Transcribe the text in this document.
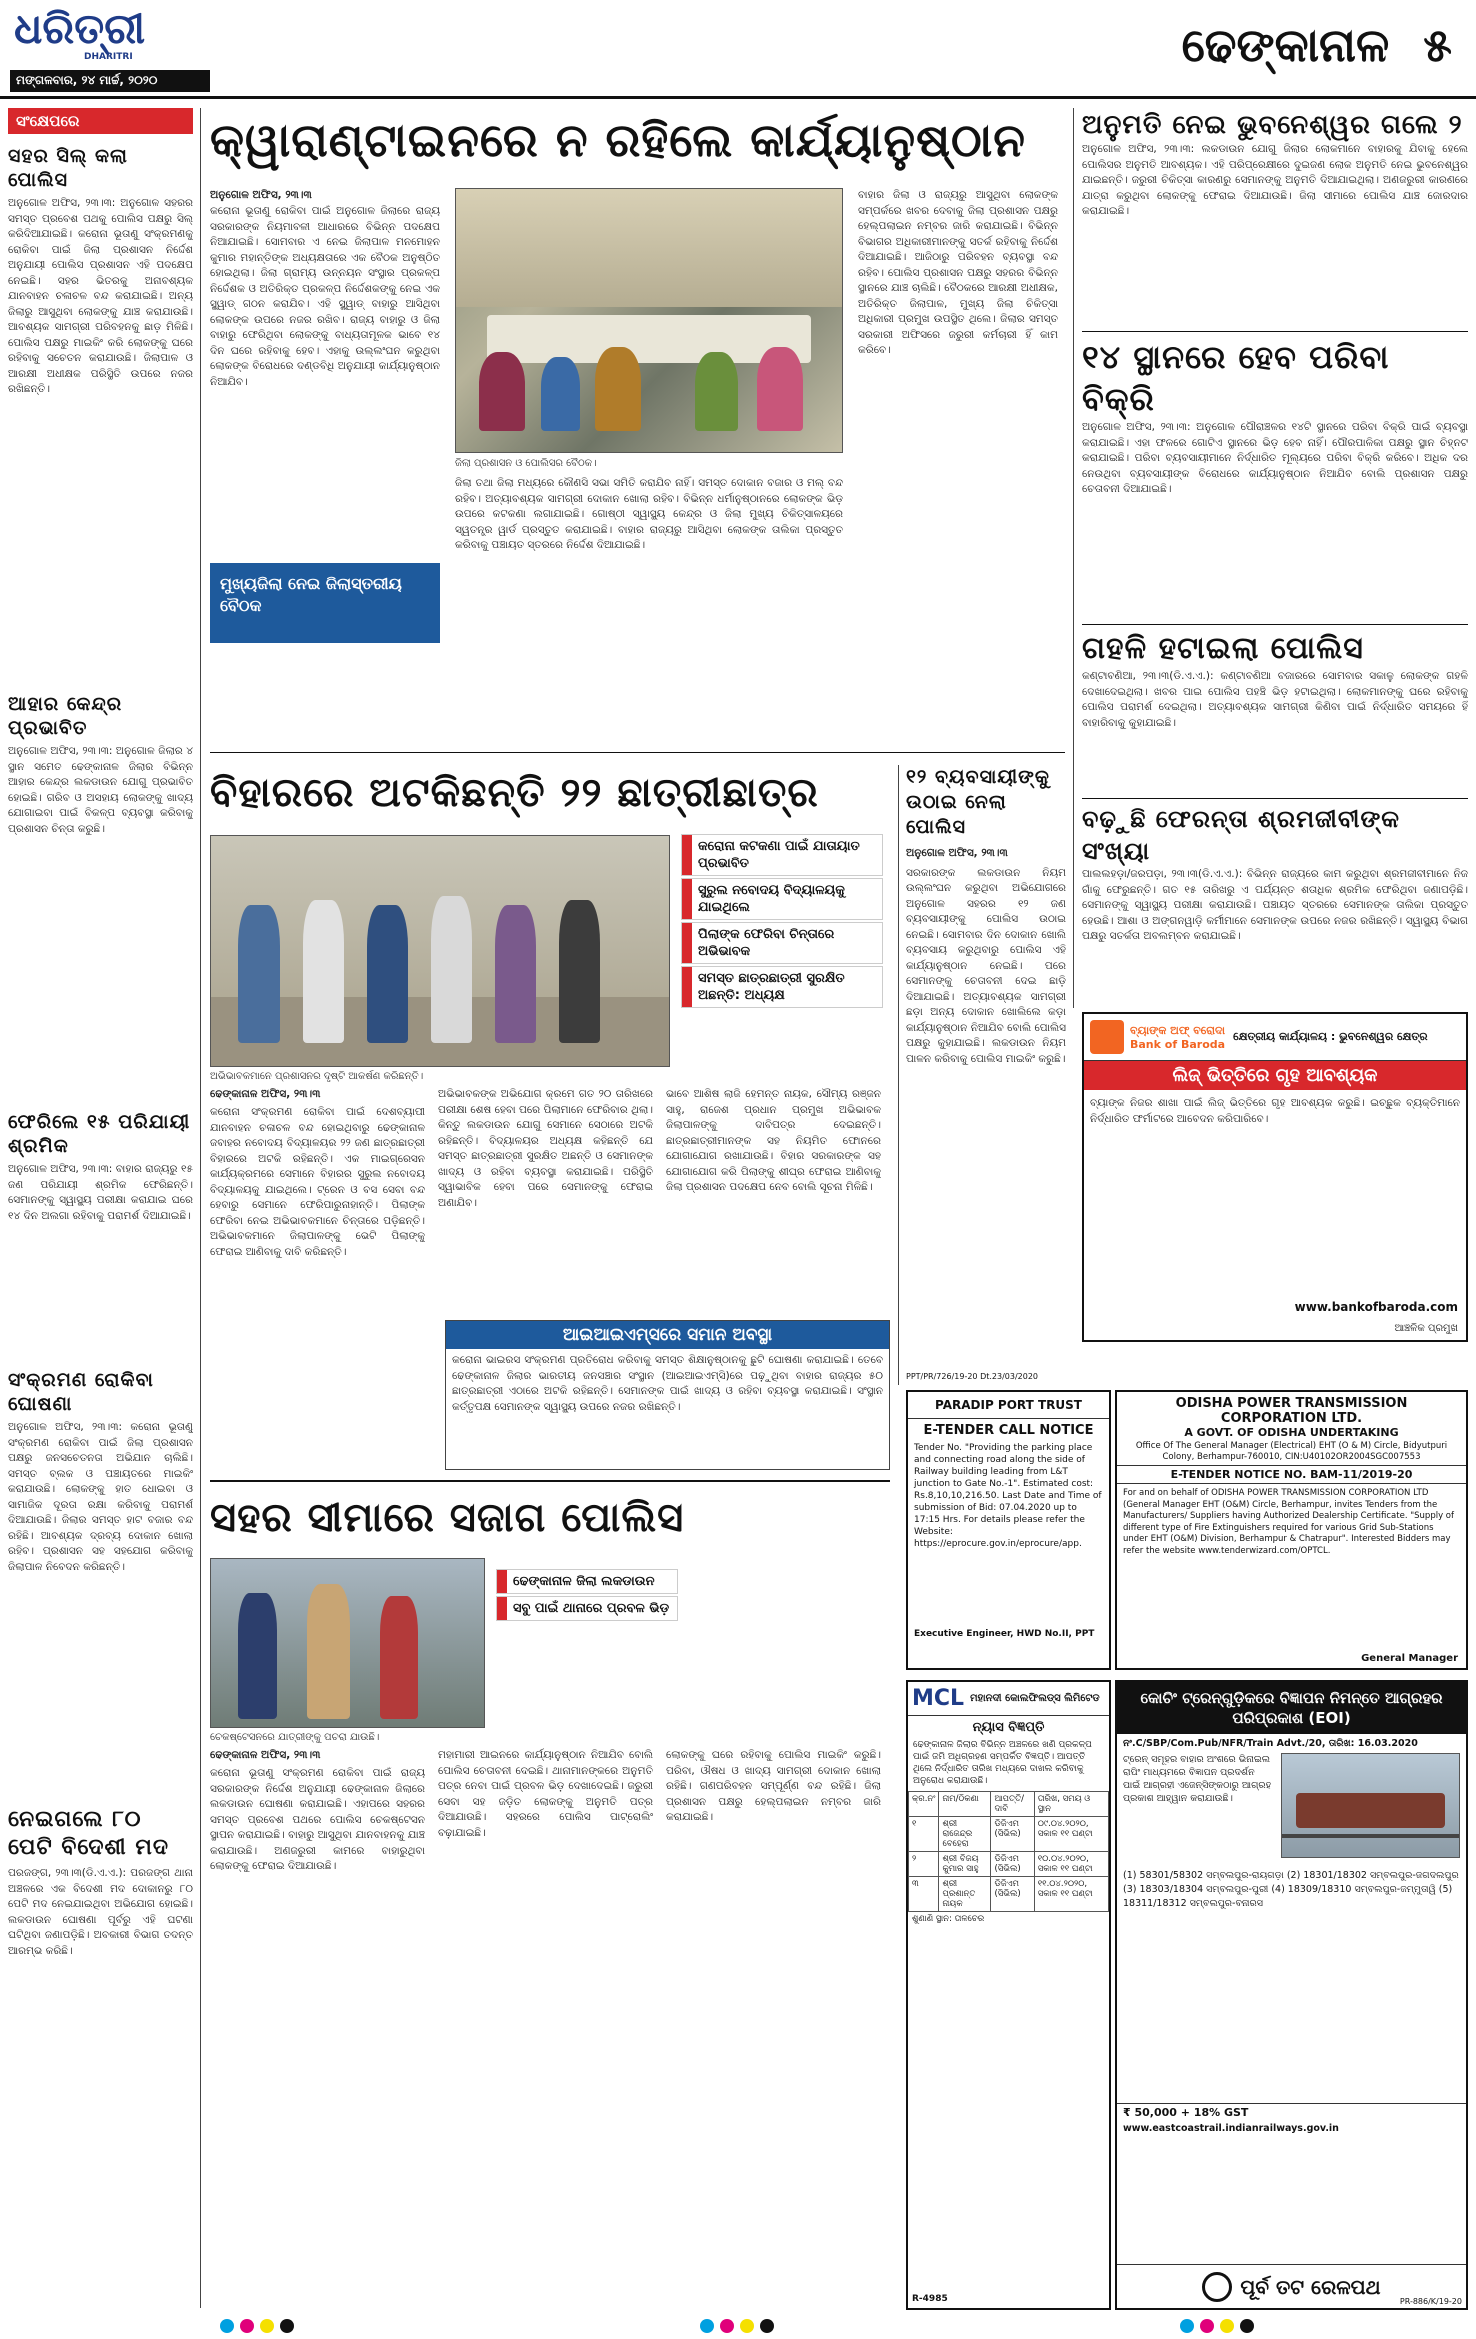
ଧରିତ୍ରୀ
DHARITRI
ମଙ୍ଗଳବାର, ୨୪ ମାର୍ଚ୍ଚ, ୨୦୨୦
ଢେଙ୍କାନାଳ ୫
ସଂକ୍ଷେପରେ
ସହର ସିଲ୍ କଲା ପୋଲିସ
ଅନୁଗୋଳ ଅଫିସ, ୨୩।୩: ଅନୁଗୋଳ ସହରର ସମସ୍ତ ପ୍ରବେଶ ପଥକୁ ପୋଲିସ ପକ୍ଷରୁ ସିଲ୍ କରିଦିଆଯାଇଛି। କରୋନା ଭୂତାଣୁ ସଂକ୍ରମଣକୁ ରୋକିବା ପାଇଁ ଜିଲା ପ୍ରଶାସନ ନିର୍ଦ୍ଦେଶ ଅନୁଯାୟୀ ପୋଲିସ ପ୍ରଶାସନ ଏହି ପଦକ୍ଷେପ ନେଇଛି। ସହର ଭିତରକୁ ଅନାବଶ୍ୟକ ଯାନବାହନ ଚଳାଚଳ ବନ୍ଦ କରାଯାଇଛି। ଅନ୍ୟ ଜିଲାରୁ ଆସୁଥିବା ଲୋକଙ୍କୁ ଯାଞ୍ଚ କରାଯାଉଛି। ଆବଶ୍ୟକ ସାମଗ୍ରୀ ପରିବହନକୁ ଛାଡ଼ ମିଳିଛି। ପୋଲିସ ପକ୍ଷରୁ ମାଇକିଂ କରି ଲୋକଙ୍କୁ ଘରେ ରହିବାକୁ ସଚେତନ କରାଯାଉଛି। ଜିଲାପାଳ ଓ ଆରକ୍ଷୀ ଅଧୀକ୍ଷକ ପରିସ୍ଥିତି ଉପରେ ନଜର ରଖିଛନ୍ତି।
ଆହାର କେନ୍ଦ୍ର ପ୍ରଭାବିତ
ଅନୁଗୋଳ ଅଫିସ, ୨୩।୩: ଅନୁଗୋଳ ଜିଲାର ୪ ସ୍ଥାନ ସମେତ ଢେଙ୍କାନାଳ ଜିଲାର ବିଭିନ୍ନ ଆହାର କେନ୍ଦ୍ର ଲକଡାଉନ ଯୋଗୁ ପ୍ରଭାବିତ ହୋଇଛି। ଗରିବ ଓ ଅସହାୟ ଲୋକଙ୍କୁ ଖାଦ୍ୟ ଯୋଗାଇବା ପାଇଁ ବିକଳ୍ପ ବ୍ୟବସ୍ଥା କରିବାକୁ ପ୍ରଶାସନ ଚିନ୍ତା କରୁଛି।
ଫେରିଲେ ୧୫ ପରିଯାୟୀ ଶ୍ରମିକ
ଅନୁଗୋଳ ଅଫିସ, ୨୩।୩: ବାହାର ରାଜ୍ୟରୁ ୧୫ ଜଣ ପରିଯାୟୀ ଶ୍ରମିକ ଫେରିଛନ୍ତି। ସେମାନଙ୍କୁ ସ୍ୱାସ୍ଥ୍ୟ ପରୀକ୍ଷା କରାଯାଇ ଘରେ ୧୪ ଦିନ ଅଲଗା ରହିବାକୁ ପରାମର୍ଶ ଦିଆଯାଇଛି।
ସଂକ୍ରମଣ ରୋକିବା ଘୋଷଣା
ଅନୁଗୋଳ ଅଫିସ, ୨୩।୩: କରୋନା ଭୂତାଣୁ ସଂକ୍ରମଣ ରୋକିବା ପାଇଁ ଜିଲା ପ୍ରଶାସନ ପକ୍ଷରୁ ଜନସଚେତନତା ଅଭିଯାନ ଚାଲିଛି। ସମସ୍ତ ବ୍ଲକ ଓ ପଞ୍ଚାୟତରେ ମାଇକିଂ କରାଯାଉଛି। ଲୋକଙ୍କୁ ହାତ ଧୋଇବା ଓ ସାମାଜିକ ଦୂରତା ରକ୍ଷା କରିବାକୁ ପରାମର୍ଶ ଦିଆଯାଉଛି। ଜିଲାର ସମସ୍ତ ହାଟ ବଜାର ବନ୍ଦ ରହିଛି। ଆବଶ୍ୟକ ଦ୍ରବ୍ୟ ଦୋକାନ ଖୋଲା ରହିବ। ପ୍ରଶାସନ ସହ ସହଯୋଗ କରିବାକୁ ଜିଲାପାଳ ନିବେଦନ କରିଛନ୍ତି।
ନେଇଗଲେ ୮୦ ପେଟି ବିଦେଶୀ ମଦ
ପରଜଙ୍ଗ, ୨୩।୩(ଡି.ଏ.ଏ.): ପରଜଙ୍ଗ ଥାନା ଅଞ୍ଚଳରେ ଏକ ବିଦେଶୀ ମଦ ଦୋକାନରୁ ୮୦ ପେଟି ମଦ ନେଇଯାଇଥିବା ଅଭିଯୋଗ ହୋଇଛି। ଲକଡାଉନ ଘୋଷଣା ପୂର୍ବରୁ ଏହି ଘଟଣା ଘଟିଥିବା ଜଣାପଡ଼ିଛି। ଅବକାରୀ ବିଭାଗ ତଦନ୍ତ ଆରମ୍ଭ କରିଛି।
କ୍ୱାରାଣ୍ଟାଇନରେ ନ ରହିଲେ କାର୍ଯ୍ୟାନୁଷ୍ଠାନ
ଅନୁଗୋଳ ଅଫିସ, ୨୩।୩
କରୋନା ଭୂତାଣୁ ରୋକିବା ପାଇଁ ଅନୁଗୋଳ ଜିଲାରେ ରାଜ୍ୟ ସରକାରଙ୍କ ନିୟମାବଳୀ ଆଧାରରେ ବିଭିନ୍ନ ପଦକ୍ଷେପ ନିଆଯାଇଛି। ସୋମବାର ଏ ନେଇ ଜିଲାପାଳ ମନମୋହନ କୁମାର ମହାନ୍ତିଙ୍କ ଅଧ୍ୟକ୍ଷତାରେ ଏକ ବୈଠକ ଅନୁଷ୍ଠିତ ହୋଇଥିଲା। ଜିଲା ଗ୍ରାମ୍ୟ ଉନ୍ନୟନ ସଂସ୍ଥାର ପ୍ରକଳ୍ପ ନିର୍ଦ୍ଦେଶକ ଓ ଅତିରିକ୍ତ ପ୍ରକଳ୍ପ ନିର୍ଦ୍ଦେଶକଙ୍କୁ ନେଇ ଏକ ସ୍କ୍ୱାଡ୍ ଗଠନ କରାଯିବ। ଏହି ସ୍କ୍ୱାଡ୍ ବାହାରୁ ଆସିଥିବା ଲୋକଙ୍କ ଉପରେ ନଜର ରଖିବ। ରାଜ୍ୟ ବାହାରୁ ଓ ଜିଲା ବାହାରୁ ଫେରିଥିବା ଲୋକଙ୍କୁ ବାଧ୍ୟତାମୂଳକ ଭାବେ ୧୪ ଦିନ ଘରେ ରହିବାକୁ ହେବ। ଏହାକୁ ଉଲ୍ଲଂଘନ କରୁଥିବା ଲୋକଙ୍କ ବିରୋଧରେ ଦଣ୍ଡବିଧି ଅନୁଯାୟୀ କାର୍ଯ୍ୟାନୁଷ୍ଠାନ ନିଆଯିବ।
ମୁଖ୍ୟଜିଲା ନେଇ ଜିଲାସ୍ତରୀୟ ବୈଠକ
ଜିଲା ପ୍ରଶାସନ ଓ ପୋଲିସର ବୈଠକ।
ଜିଲା ତଥା ଜିଲା ମଧ୍ୟରେ କୌଣସି ସଭା ସମିତି କରାଯିବ ନାହିଁ। ସମସ୍ତ ଦୋକାନ ବଜାର ଓ ମଲ୍ ବନ୍ଦ ରହିବ। ଅତ୍ୟାବଶ୍ୟକ ସାମଗ୍ରୀ ଦୋକାନ ଖୋଲା ରହିବ। ବିଭିନ୍ନ ଧର୍ମାନୁଷ୍ଠାନରେ ଲୋକଙ୍କ ଭିଡ଼ ଉପରେ କଟକଣା ଲଗାଯାଇଛି। ଗୋଷ୍ଠୀ ସ୍ୱାସ୍ଥ୍ୟ କେନ୍ଦ୍ର ଓ ଜିଲା ମୁଖ୍ୟ ଚିକିତ୍ସାଳୟରେ ସ୍ୱତନ୍ତ୍ର ୱାର୍ଡ ପ୍ରସ୍ତୁତ କରାଯାଇଛି। ବାହାର ରାଜ୍ୟରୁ ଆସିଥିବା ଲୋକଙ୍କ ତାଲିକା ପ୍ରସ୍ତୁତ କରିବାକୁ ପଞ୍ଚାୟତ ସ୍ତରରେ ନିର୍ଦ୍ଦେଶ ଦିଆଯାଇଛି।
ବାହାର ଜିଲା ଓ ରାଜ୍ୟରୁ ଆସୁଥିବା ଲୋକଙ୍କ ସମ୍ପର୍କରେ ଖବର ଦେବାକୁ ଜିଲା ପ୍ରଶାସନ ପକ୍ଷରୁ ହେଲ୍ପଲାଇନ ନମ୍ବର ଜାରି କରାଯାଇଛି। ବିଭିନ୍ନ ବିଭାଗର ଅଧିକାରୀମାନଙ୍କୁ ସତର୍କ ରହିବାକୁ ନିର୍ଦ୍ଦେଶ ଦିଆଯାଇଛି। ଆଜିଠାରୁ ପରିବହନ ବ୍ୟବସ୍ଥା ବନ୍ଦ ରହିବ। ପୋଲିସ ପ୍ରଶାସନ ପକ୍ଷରୁ ସହରର ବିଭିନ୍ନ ସ୍ଥାନରେ ଯାଞ୍ଚ ଚାଲିଛି। ବୈଠକରେ ଆରକ୍ଷୀ ଅଧୀକ୍ଷକ, ଅତିରିକ୍ତ ଜିଲାପାଳ, ମୁଖ୍ୟ ଜିଲା ଚିକିତ୍ସା ଅଧିକାରୀ ପ୍ରମୁଖ ଉପସ୍ଥିତ ଥିଲେ। ଜିଲାର ସମସ୍ତ ସରକାରୀ ଅଫିସରେ ଜରୁରୀ କର୍ମଚାରୀ ହିଁ କାମ କରିବେ।
ଅନୁମତି ନେଇ ଭୁବନେଶ୍ୱର ଗଲେ ୨
ଅନୁଗୋଳ ଅଫିସ, ୨୩।୩: ଲକଡାଉନ ଯୋଗୁ ଜିଲାର ଲୋକମାନେ ବାହାରକୁ ଯିବାକୁ ହେଲେ ପୋଲିସର ଅନୁମତି ଆବଶ୍ୟକ। ଏହି ପରିପ୍ରେକ୍ଷୀରେ ଦୁଇଜଣ ଲୋକ ଅନୁମତି ନେଇ ଭୁବନେଶ୍ୱର ଯାଇଛନ୍ତି। ଜରୁରୀ ଚିକିତ୍ସା କାରଣରୁ ସେମାନଙ୍କୁ ଅନୁମତି ଦିଆଯାଇଥିଲା। ଅଣଜରୁରୀ କାରଣରେ ଯାତ୍ରା କରୁଥିବା ଲୋକଙ୍କୁ ଫେରାଇ ଦିଆଯାଉଛି। ଜିଲା ସୀମାରେ ପୋଲିସ ଯାଞ୍ଚ ଜୋରଦାର କରାଯାଇଛି।
୧୪ ସ୍ଥାନରେ ହେବ ପରିବା ବିକ୍ରି
ଅନୁଗୋଳ ଅଫିସ, ୨୩।୩: ଅନୁଗୋଳ ପୌରାଞ୍ଚଳର ୧୪ଟି ସ୍ଥାନରେ ପରିବା ବିକ୍ରି ପାଇଁ ବ୍ୟବସ୍ଥା କରାଯାଇଛି। ଏହା ଫଳରେ ଗୋଟିଏ ସ୍ଥାନରେ ଭିଡ଼ ହେବ ନାହିଁ। ପୌରପାଳିକା ପକ୍ଷରୁ ସ୍ଥାନ ଚିହ୍ନଟ କରାଯାଇଛି। ପରିବା ବ୍ୟବସାୟୀମାନେ ନିର୍ଦ୍ଧାରିତ ମୂଲ୍ୟରେ ପରିବା ବିକ୍ରି କରିବେ। ଅଧିକ ଦର ନେଉଥିବା ବ୍ୟବସାୟୀଙ୍କ ବିରୋଧରେ କାର୍ଯ୍ୟାନୁଷ୍ଠାନ ନିଆଯିବ ବୋଲି ପ୍ରଶାସନ ପକ୍ଷରୁ ଚେତାବନୀ ଦିଆଯାଇଛି।
ଗହଳି ହଟାଇଲା ପୋଲିସ
କଣ୍ଟାବଣିଆ, ୨୩।୩(ଡି.ଏ.ଏ.): କଣ୍ଟାବଣିଆ ବଜାରରେ ସୋମବାର ସକାଳୁ ଲୋକଙ୍କ ଗହଳି ଦେଖାଦେଇଥିଲା। ଖବର ପାଇ ପୋଲିସ ପହଞ୍ଚି ଭିଡ଼ ହଟାଇଥିଲା। ଲୋକମାନଙ୍କୁ ଘରେ ରହିବାକୁ ପୋଲିସ ପରାମର୍ଶ ଦେଇଥିଲା। ଅତ୍ୟାବଶ୍ୟକ ସାମଗ୍ରୀ କିଣିବା ପାଇଁ ନିର୍ଦ୍ଧାରିତ ସମୟରେ ହିଁ ବାହାରିବାକୁ କୁହାଯାଇଛି।
ବଢ଼ୁଛି ଫେରନ୍ତା ଶ୍ରମଜୀବୀଙ୍କ ସଂଖ୍ୟା
ପାଲଲହଡ଼ା/ଜରପଡ଼ା, ୨୩।୩(ଡି.ଏ.ଏ.): ବିଭିନ୍ନ ରାଜ୍ୟରେ କାମ କରୁଥିବା ଶ୍ରମଜୀବୀମାନେ ନିଜ ଗାଁକୁ ଫେରୁଛନ୍ତି। ଗତ ୧୫ ତାରିଖରୁ ଏ ପର୍ଯ୍ୟନ୍ତ ଶତାଧିକ ଶ୍ରମିକ ଫେରିଥିବା ଜଣାପଡ଼ିଛି। ସେମାନଙ୍କୁ ସ୍ୱାସ୍ଥ୍ୟ ପରୀକ୍ଷା କରାଯାଉଛି। ପଞ୍ଚାୟତ ସ୍ତରରେ ସେମାନଙ୍କ ତାଲିକା ପ୍ରସ୍ତୁତ ହେଉଛି। ଆଶା ଓ ଅଙ୍ଗନୱାଡ଼ି କର୍ମୀମାନେ ସେମାନଙ୍କ ଉପରେ ନଜର ରଖିଛନ୍ତି। ସ୍ୱାସ୍ଥ୍ୟ ବିଭାଗ ପକ୍ଷରୁ ସତର୍କତା ଅବଲମ୍ବନ କରାଯାଇଛି।
ବିହାରରେ ଅଟକିଛନ୍ତି ୨୨ ଛାତ୍ରୀଛାତ୍ର
କରୋନା କଟକଣା ପାଇଁ ଯାତାୟାତ ପ୍ରଭାବିତ
ସୁରୁଲ ନବୋଦୟ ବିଦ୍ୟାଳୟକୁ ଯାଇଥିଲେ
ପିଲାଙ୍କ ଫେରିବା ଚିନ୍ତାରେ ଅଭିଭାବକ
ସମସ୍ତ ଛାତ୍ରଛାତ୍ରୀ ସୁରକ୍ଷିତ ଅଛନ୍ତି: ଅଧ୍ୟକ୍ଷ
ଅଭିଭାବକମାନେ ପ୍ରଶାସନର ଦୃଷ୍ଟି ଆକର୍ଷଣ କରିଛନ୍ତି।
ଢେଙ୍କାନାଳ ଅଫିସ, ୨୩।୩
କରୋନା ସଂକ୍ରମଣ ରୋକିବା ପାଇଁ ଦେଶବ୍ୟାପୀ ଯାନବାହନ ଚଳାଚଳ ବନ୍ଦ ହୋଇଥିବାରୁ ଢେଙ୍କାନାଳ ଜବାହର ନବୋଦୟ ବିଦ୍ୟାଳୟର ୨୨ ଜଣ ଛାତ୍ରଛାତ୍ରୀ ବିହାରରେ ଅଟକି ରହିଛନ୍ତି। ଏକ ମାଇଗ୍ରେସନ କାର୍ଯ୍ୟକ୍ରମରେ ସେମାନେ ବିହାରର ସୁରୁଲ ନବୋଦୟ ବିଦ୍ୟାଳୟକୁ ଯାଇଥିଲେ। ଟ୍ରେନ ଓ ବସ ସେବା ବନ୍ଦ ହେବାରୁ ସେମାନେ ଫେରିପାରୁନାହାନ୍ତି। ପିଲାଙ୍କ ଫେରିବା ନେଇ ଅଭିଭାବକମାନେ ଚିନ୍ତାରେ ପଡ଼ିଛନ୍ତି। ଅଭିଭାବକମାନେ ଜିଲାପାଳଙ୍କୁ ଭେଟି ପିଲାଙ୍କୁ ଫେରାଇ ଆଣିବାକୁ ଦାବି କରିଛନ୍ତି।
ଅଭିଭାବକଙ୍କ ଅଭିଯୋଗ କ୍ରମେ ଗତ ୨୦ ତାରିଖରେ ପରୀକ୍ଷା ଶେଷ ହେବା ପରେ ପିଲାମାନେ ଫେରିବାର ଥିଲା। କିନ୍ତୁ ଲକଡାଉନ ଯୋଗୁ ସେମାନେ ସେଠାରେ ଅଟକି ରହିଛନ୍ତି। ବିଦ୍ୟାଳୟର ଅଧ୍ୟକ୍ଷ କହିଛନ୍ତି ଯେ ସମସ୍ତ ଛାତ୍ରଛାତ୍ରୀ ସୁରକ୍ଷିତ ଅଛନ୍ତି ଓ ସେମାନଙ୍କ ଖାଦ୍ୟ ଓ ରହିବା ବ୍ୟବସ୍ଥା କରାଯାଇଛି। ପରିସ୍ଥିତି ସ୍ୱାଭାବିକ ହେବା ପରେ ସେମାନଙ୍କୁ ଫେରାଇ ଅଣାଯିବ।
ଭାବେ ଆଶିଷ ଲାଜି ହେମନ୍ତ ନାୟକ, ସୌମ୍ୟ ରଞ୍ଜନ ସାହୁ, ରାଜେଶ ପ୍ରଧାନ ପ୍ରମୁଖ ଅଭିଭାବକ ଜିଲାପାଳଙ୍କୁ ଦାବିପତ୍ର ଦେଇଛନ୍ତି। ଛାତ୍ରଛାତ୍ରୀମାନଙ୍କ ସହ ନିୟମିତ ଫୋନରେ ଯୋଗାଯୋଗ ରଖାଯାଉଛି। ବିହାର ସରକାରଙ୍କ ସହ ଯୋଗାଯୋଗ କରି ପିଲାଙ୍କୁ ଶୀଘ୍ର ଫେରାଇ ଆଣିବାକୁ ଜିଲା ପ୍ରଶାସନ ପଦକ୍ଷେପ ନେବ ବୋଲି ସୂଚନା ମିଳିଛି।
୧୨ ବ୍ୟବସାୟୀଙ୍କୁ ଉଠାଇ ନେଲା ପୋଲିସ
ଅନୁଗୋଳ ଅଫିସ, ୨୩।୩
ସରକାରଙ୍କ ଲକଡାଉନ ନିୟମ ଉଲ୍ଲଂଘନ କରୁଥିବା ଅଭିଯୋଗରେ ଅନୁଗୋଳ ସହରର ୧୨ ଜଣ ବ୍ୟବସାୟୀଙ୍କୁ ପୋଲିସ ଉଠାଇ ନେଇଛି। ସୋମବାର ଦିନ ଦୋକାନ ଖୋଲି ବ୍ୟବସାୟ କରୁଥିବାରୁ ପୋଲିସ ଏହି କାର୍ଯ୍ୟାନୁଷ୍ଠାନ ନେଇଛି। ପରେ ସେମାନଙ୍କୁ ଚେତାବନୀ ଦେଇ ଛାଡ଼ି ଦିଆଯାଇଛି। ଅତ୍ୟାବଶ୍ୟକ ସାମଗ୍ରୀ ଛଡ଼ା ଅନ୍ୟ ଦୋକାନ ଖୋଲିଲେ କଡ଼ା କାର୍ଯ୍ୟାନୁଷ୍ଠାନ ନିଆଯିବ ବୋଲି ପୋଲିସ ପକ୍ଷରୁ କୁହାଯାଇଛି। ଲକଡାଉନ ନିୟମ ପାଳନ କରିବାକୁ ପୋଲିସ ମାଇକିଂ କରୁଛି।
PPT/PR/726/19-20 Dt.23/03/2020
ଆଇଆଇଏମ୍ସରେ ସମାନ ଅବସ୍ଥା
କରୋନା ଭାଇରସ ସଂକ୍ରମଣ ପ୍ରତିରୋଧ କରିବାକୁ ସମସ୍ତ ଶିକ୍ଷାନୁଷ୍ଠାନକୁ ଛୁଟି ଘୋଷଣା କରାଯାଇଛି। ତେବେ ଢେଙ୍କାନାଳ ଜିଲାର ଭାରତୀୟ ଜନସଞ୍ଚାର ସଂସ୍ଥାନ (ଆଇଆଇଏମ୍ସି)ରେ ପଢ଼ୁଥିବା ବାହାର ରାଜ୍ୟର ୫୦ ଛାତ୍ରଛାତ୍ରୀ ଏଠାରେ ଅଟକି ରହିଛନ୍ତି। ସେମାନଙ୍କ ପାଇଁ ଖାଦ୍ୟ ଓ ରହିବା ବ୍ୟବସ୍ଥା କରାଯାଇଛି। ସଂସ୍ଥାନ କର୍ତ୍ତୃପକ୍ଷ ସେମାନଙ୍କ ସ୍ୱାସ୍ଥ୍ୟ ଉପରେ ନଜର ରଖିଛନ୍ତି।
ସହର ସୀମାରେ ସଜାଗ ପୋଲିସ
ଢେଙ୍କାନାଳ ଜିଲା ଲକଡାଉନ
ସବୁ ପାଇଁ ଥାନାରେ ପ୍ରବଳ ଭିଡ଼
ଚେକଷ୍ଟେସନରେ ଯାତ୍ରୀଙ୍କୁ ପଚରା ଯାଉଛି।
ଢେଙ୍କାନାଳ ଅଫିସ, ୨୩।୩
କରୋନା ଭୂତାଣୁ ସଂକ୍ରମଣ ରୋକିବା ପାଇଁ ରାଜ୍ୟ ସରକାରଙ୍କ ନିର୍ଦ୍ଦେଶ ଅନୁଯାୟୀ ଢେଙ୍କାନାଳ ଜିଲାରେ ଲକଡାଉନ ଘୋଷଣା କରାଯାଇଛି। ଏହାପରେ ସହରର ସମସ୍ତ ପ୍ରବେଶ ପଥରେ ପୋଲିସ ଚେକଷ୍ଟେସନ ସ୍ଥାପନ କରାଯାଇଛି। ବାହାରୁ ଆସୁଥିବା ଯାନବାହନକୁ ଯାଞ୍ଚ କରାଯାଉଛି। ଅଣଜରୁରୀ କାମରେ ବାହାରୁଥିବା ଲୋକଙ୍କୁ ଫେରାଇ ଦିଆଯାଉଛି।
ମହାମାରୀ ଆଇନରେ କାର୍ଯ୍ୟାନୁଷ୍ଠାନ ନିଆଯିବ ବୋଲି ପୋଲିସ ଚେତାବନୀ ଦେଇଛି। ଥାନାମାନଙ୍କରେ ଅନୁମତି ପତ୍ର ନେବା ପାଇଁ ପ୍ରବଳ ଭିଡ଼ ଦେଖାଦେଇଛି। ଜରୁରୀ ସେବା ସହ ଜଡ଼ିତ ଲୋକଙ୍କୁ ଅନୁମତି ପତ୍ର ଦିଆଯାଉଛି। ସହରରେ ପୋଲିସ ପାଟ୍ରୋଲିଂ ବଢ଼ାଯାଇଛି।
ଲୋକଙ୍କୁ ଘରେ ରହିବାକୁ ପୋଲିସ ମାଇକିଂ କରୁଛି। ପରିବା, ଔଷଧ ଓ ଖାଦ୍ୟ ସାମଗ୍ରୀ ଦୋକାନ ଖୋଲା ରହିଛି। ଗଣପରିବହନ ସମ୍ପୂର୍ଣ୍ଣ ବନ୍ଦ ରହିଛି। ଜିଲା ପ୍ରଶାସନ ପକ୍ଷରୁ ହେଲ୍ପଲାଇନ ନମ୍ବର ଜାରି କରାଯାଇଛି।
ବ୍ୟାଙ୍କ ଅଫ୍ ବରୋଦା
Bank of Baroda
କ୍ଷେତ୍ରୀୟ କାର୍ଯ୍ୟାଳୟ : ଭୁବନେଶ୍ୱର କ୍ଷେତ୍ର
ଲିଜ୍ ଭିତ୍ତିରେ ଗୃହ ଆବଶ୍ୟକ
ବ୍ୟାଙ୍କ ନିଜର ଶାଖା ପାଇଁ ଲିଜ୍ ଭିତ୍ତିରେ ଗୃହ ଆବଶ୍ୟକ କରୁଛି। ଇଚ୍ଛୁକ ବ୍ୟକ୍ତିମାନେ ନିର୍ଦ୍ଧାରିତ ଫର୍ମାଟରେ ଆବେଦନ କରିପାରିବେ।
www.bankofbaroda.com
ଆଞ୍ଚଳିକ ପ୍ରମୁଖ
PARADIP PORT TRUST
E-TENDER CALL NOTICE
Tender No. "Providing the parking place and connecting road along the side of Railway building leading from L&T junction to Gate No.-1". Estimated cost: Rs.8,10,10,216.50. Last Date and Time of submission of Bid: 07.04.2020 up to 17:15 Hrs. For details please refer the Website: https://eprocure.gov.in/eprocure/app.
Executive Engineer, HWD No.II, PPT
ODISHA POWER TRANSMISSION CORPORATION LTD.
A GOVT. OF ODISHA UNDERTAKING
Office Of The General Manager (Electrical) EHT (O & M) Circle, Bidyutpuri Colony, Berhampur-760010, CIN:U40102OR2004SGC007553
E-TENDER NOTICE NO. BAM-11/2019-20
For and on behalf of ODISHA POWER TRANSMISSION CORPORATION LTD (General Manager EHT (O&M) Circle, Berhampur, invites Tenders from the Manufacturers/ Suppliers having Authorized Dealership Certificate. "Supply of different type of Fire Extinguishers required for various Grid Sub-Stations under EHT (O&M) Division, Berhampur & Chatrapur". Interested Bidders may refer the website www.tenderwizard.com/OPTCL.
General Manager
MCL ମହାନଦୀ କୋଲଫିଲଡ୍ସ ଲିମିଟେଡ
ନ୍ୟାସ ବିଜ୍ଞପ୍ତି
ଢେଙ୍କାନାଳ ଜିଲାର ବିଭିନ୍ନ ଅଞ୍ଚଳରେ ଖଣି ପ୍ରକଳ୍ପ ପାଇଁ ଜମି ଅଧିଗ୍ରହଣ ସମ୍ପର୍କିତ ବିଜ୍ଞପ୍ତି। ଆପତ୍ତି ଥିଲେ ନିର୍ଦ୍ଧାରିତ ତାରିଖ ମଧ୍ୟରେ ଦାଖଲ କରିବାକୁ ଅନୁରୋଧ କରାଯାଉଛି।
କ୍ର.ନଂ	ନାମ/ଠିକଣା	ଆପତ୍ତି/ଦାବି	ତାରିଖ, ସମୟ ଓ ସ୍ଥାନ
୧	ଶ୍ରୀ ରାଜେନ୍ଦ୍ର ବେହେରା	ଡିଜିଏମ (ସିଭିଲ)	୦୯.୦୪.୨୦୨୦, ସକାଳ ୧୧ ଘଣ୍ଟା
୨	ଶ୍ରୀ ବିଜୟ କୁମାର ସାହୁ	ଡିଜିଏମ (ସିଭିଲ)	୧୦.୦୪.୨୦୨୦, ସକାଳ ୧୧ ଘଣ୍ଟା
୩	ଶ୍ରୀ ପ୍ରଶାନ୍ତ ନାୟକ	ଡିଜିଏମ (ସିଭିଲ)	୧୧.୦୪.୨୦୨୦, ସକାଳ ୧୧ ଘଣ୍ଟା
ଶୁଣାଣି ସ୍ଥାନ: ତାଳଚେର
R-4985
କୋଚିଂ ଟ୍ରେନ୍ଗୁଡ଼ିକରେ ବିଜ୍ଞାପନ ନିମନ୍ତେ ଆଗ୍ରହର ପରିପ୍ରକାଶ (EOI)
ନଂ.C/SBP/Com.Pub/NFR/Train Advt./20, ତାରିଖ: 16.03.2020
ଟ୍ରେନ୍ ସମୂହର ବାହାର ଅଂଶରେ ଭିନାଇଲ ରାପିଂ ମାଧ୍ୟମରେ ବିଜ୍ଞାପନ ପ୍ରଦର୍ଶନ ପାଇଁ ଆଗ୍ରହୀ ଏଜେନ୍ସିଙ୍କଠାରୁ ଆଗ୍ରହ ପ୍ରକାଶ ଆହ୍ୱାନ କରାଯାଉଛି।
(1) 58301/58302 ସମ୍ବଲପୁର-ରାୟଗଡ଼ା (2) 18301/18302 ସମ୍ବଲପୁର-ଜଗଦଲପୁର (3) 18303/18304 ସମ୍ବଲପୁର-ପୁରୀ (4) 18309/18310 ସମ୍ବଲପୁର-ଜମ୍ମୁତାୱି (5) 18311/18312 ସମ୍ବଲପୁର-ବନାରସ
₹ 50,000 + 18% GST
www.eastcoastrail.indianrailways.gov.in
ପୂର୍ବ ତଟ ରେଳପଥ
PR-886/K/19-20
